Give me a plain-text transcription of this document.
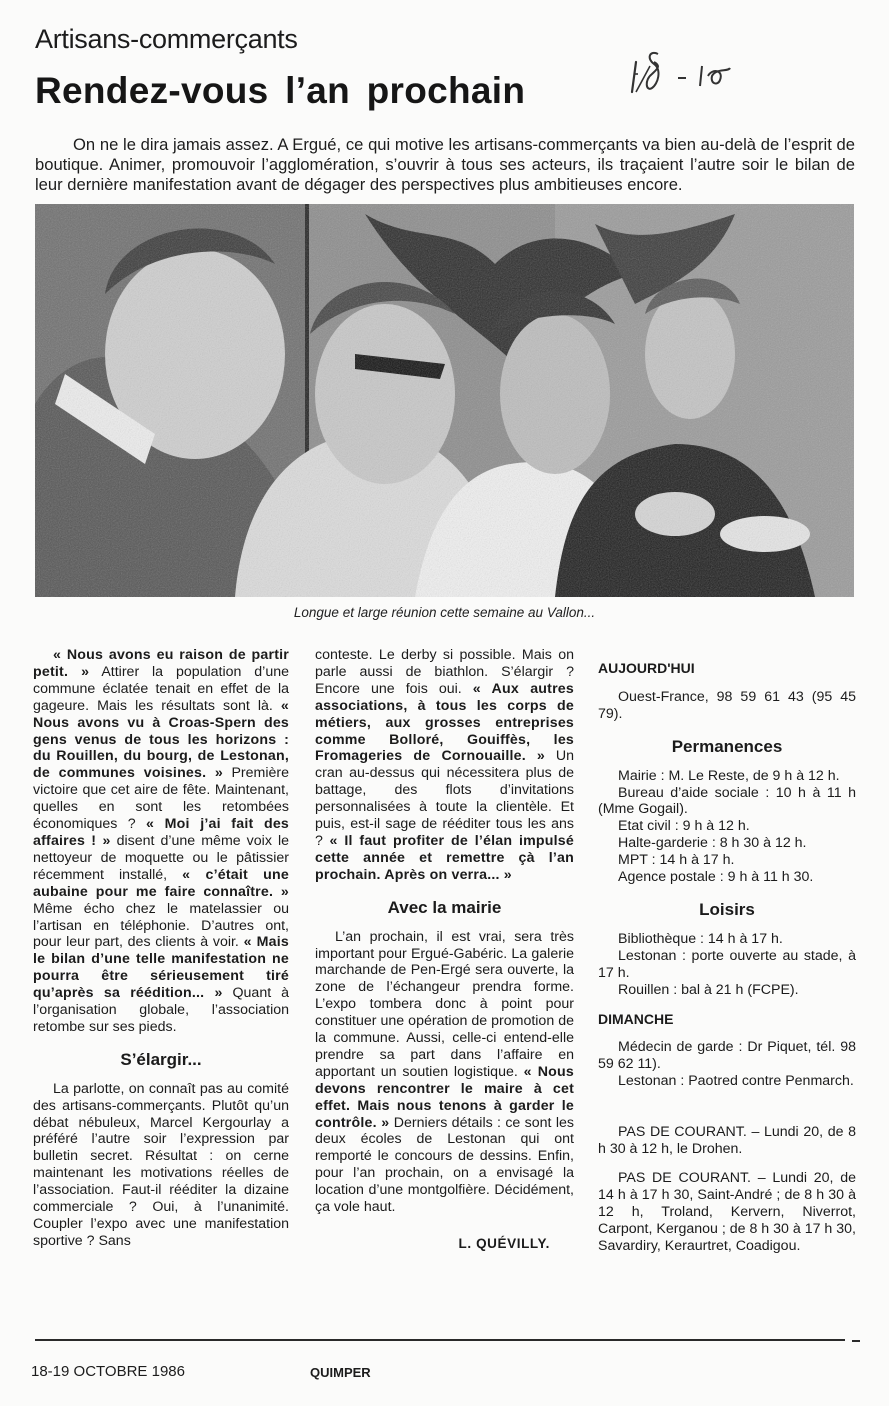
Artisans-commerçants
Rendez-vous l’an prochain

On ne le dira jamais assez. A Ergué, ce qui motive les artisans-commerçants va bien au-delà de l’esprit de boutique. Animer, promouvoir l’agglomération, s’ouvrir à tous ses acteurs, ils traçaient l’autre soir le bilan de leur dernière manifestation avant de dégager des perspectives plus ambitieuses encore.

Longue et large réunion cette semaine au Vallon...

« Nous avons eu raison de partir petit. » Attirer la population d’une commune éclatée tenait en effet de la gageure. Mais les résultats sont là. « Nous avons vu à Croas-Spern des gens venus de tous les horizons : du Rouillen, du bourg, de Lestonan, de communes voisines. » Première victoire que cet aire de fête. Maintenant, quelles en sont les retombées économiques ? « Moi j’ai fait des affaires ! » disent d’une même voix le nettoyeur de moquette ou le pâtissier récemment installé, « c’était une aubaine pour me faire connaître. » Même écho chez le matelassier ou l’artisan en téléphonie. D’autres ont, pour leur part, des clients à voir. « Mais le bilan d’une telle manifestation ne pourra être sérieusement tiré qu’après sa réédition... » Quant à l’organisation globale, l’association retombe sur ses pieds.

S’élargir...

La parlotte, on connaît pas au comité des artisans-commerçants. Plutôt qu’un débat nébuleux, Marcel Kergourlay a préféré l’autre soir l’expression par bulletin secret. Résultat : on cerne maintenant les motivations réelles de l’association. Faut-il rééditer la dizaine commerciale ? Oui, à l’unanimité. Coupler l’expo avec une manifestation sportive ? Sans

conteste. Le derby si possible. Mais on parle aussi de biathlon. S’élargir ? Encore une fois oui. « Aux autres associations, à tous les corps de métiers, aux grosses entreprises comme Bolloré, Gouiffès, les Fromageries de Cornouaille. » Un cran au-dessus qui nécessitera plus de battage, des flots d’invitations personnalisées à toute la clientèle. Et puis, est-il sage de rééditer tous les ans ? « Il faut profiter de l’élan impulsé cette année et remettre çà l’an prochain. Après on verra... »

Avec la mairie

L’an prochain, il est vrai, sera très important pour Ergué-Gabéric. La galerie marchande de Pen-Ergé sera ouverte, la zone de l’échangeur prendra forme. L’expo tombera donc à point pour constituer une opération de promotion de la commune. Aussi, celle-ci entend-elle prendre sa part dans l’affaire en apportant un soutien logistique. « Nous devons rencontrer le maire à cet effet. Mais nous tenons à garder le contrôle. » Derniers détails : ce sont les deux écoles de Lestonan qui ont remporté le concours de dessins. Enfin, pour l’an prochain, on a envisagé la location d’une montgolfière. Décidément, ça vole haut.

L. QUÉVILLY.
AUJOURD'HUI

Ouest-France, 98 59 61 43 (95 45 79).

Permanences

Mairie : M. Le Reste, de 9 h à 12 h.

Bureau d’aide sociale : 10 h à 11 h (Mme Gogail).

Etat civil : 9 h à 12 h.

Halte-garderie : 8 h 30 à 12 h.

MPT : 14 h à 17 h.

Agence postale : 9 h à 11 h 30.

Loisirs

Bibliothèque : 14 h à 17 h.

Lestonan : porte ouverte au stade, à 17 h.

Rouillen : bal à 21 h (FCPE).

DIMANCHE

Médecin de garde : Dr Piquet, tél. 98 59 62 11).

Lestonan : Paotred contre Penmarch.

PAS DE COURANT. – Lundi 20, de 8 h 30 à 12 h, le Drohen.

PAS DE COURANT. – Lundi 20, de 14 h à 17 h 30, Saint-André ; de 8 h 30 à 12 h, Troland, Kervern, Niverrot, Carpont, Kerganou ; de 8 h 30 à 17 h 30, Savardiry, Keraurtret, Coadigou.

18-19 OCTOBRE 1986	QUIMPER
